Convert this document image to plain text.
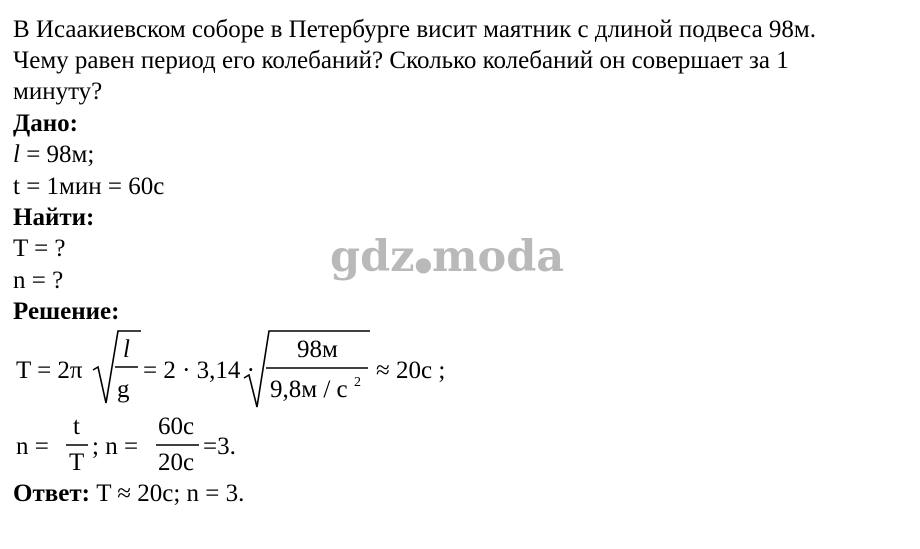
В Исаакиевском соборе в Петербурге висит маятник с длиной подвеса 98м.
Чему равен период его колебаний? Сколько колебаний он совершает за 1
минуту?
Дано:
l = 98м;
t = 1мин = 60с
Найти:
T = ?
n = ?
Решение:
gdz●moda
T = 2π
l
g
= 2 · 3,14 ·
98м
9,8м / с 2 ≈ 20с ;
n =
t
T
; n =
60с
20с
=3.
Ответ: T ≈ 20с; n = 3.
